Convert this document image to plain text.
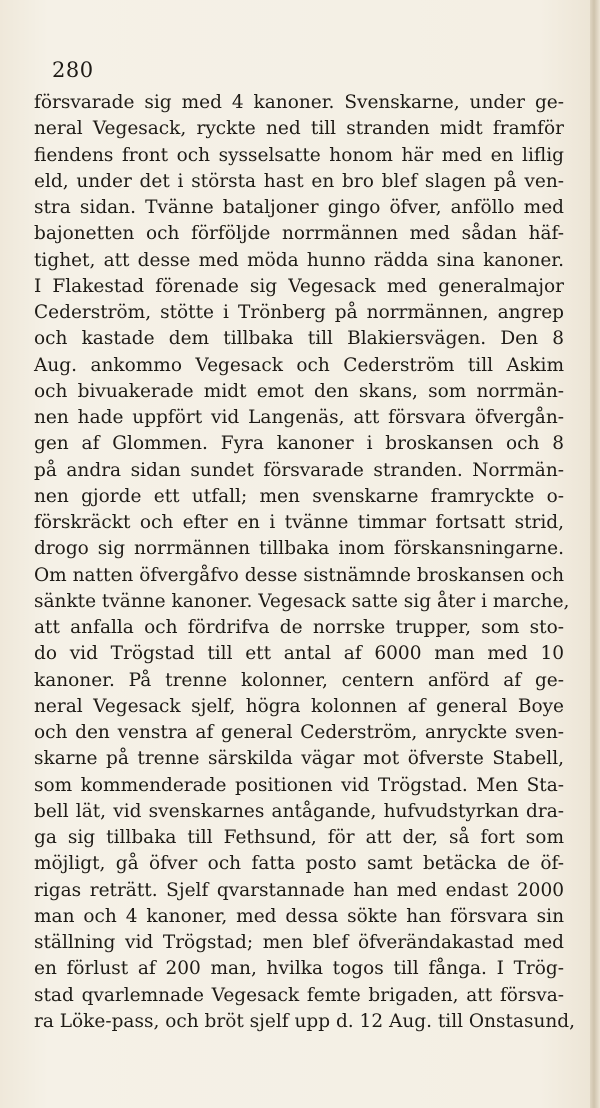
280
försvarade sig med 4 kanoner. Svenskarne, under ge-
neral Vegesack, ryckte ned till stranden midt framför
fiendens front och sysselsatte honom här med en liflig
eld, under det i största hast en bro blef slagen på ven-
stra sidan. Tvänne bataljoner gingo öfver, anföllo med
bajonetten och förföljde norrmännen med sådan häf-
tighet, att desse med möda hunno rädda sina kanoner.
I Flakestad förenade sig Vegesack med generalmajor
Cederström, stötte i Trönberg på norrmännen, angrep
och kastade dem tillbaka till Blakiersvägen. Den 8
Aug. ankommo Vegesack och Cederström till Askim
och bivuakerade midt emot den skans, som norrmän-
nen hade uppfört vid Langenäs, att försvara öfvergån-
gen af Glommen. Fyra kanoner i broskansen och 8
på andra sidan sundet försvarade stranden. Norrmän-
nen gjorde ett utfall; men svenskarne framryckte o-
förskräckt och efter en i tvänne timmar fortsatt strid,
drogo sig norrmännen tillbaka inom förskansningarne.
Om natten öfvergåfvo desse sistnämnde broskansen och
sänkte tvänne kanoner. Vegesack satte sig åter i marche,
att anfalla och fördrifva de norrske trupper, som sto-
do vid Trögstad till ett antal af 6000 man med 10
kanoner. På trenne kolonner, centern anförd af ge-
neral Vegesack sjelf, högra kolonnen af general Boye
och den venstra af general Cederström, anryckte sven-
skarne på trenne särskilda vägar mot öfverste Stabell,
som kommenderade positionen vid Trögstad. Men Sta-
bell lät, vid svenskarnes antågande, hufvudstyrkan dra-
ga sig tillbaka till Fethsund, för att der, så fort som
möjligt, gå öfver och fatta posto samt betäcka de öf-
rigas reträtt. Sjelf qvarstannade han med endast 2000
man och 4 kanoner, med dessa sökte han försvara sin
ställning vid Trögstad; men blef öfverändakastad med
en förlust af 200 man, hvilka togos till fånga. I Trög-
stad qvarlemnade Vegesack femte brigaden, att försva-
ra Löke-pass, och bröt sjelf upp d. 12 Aug. till Onstasund,
